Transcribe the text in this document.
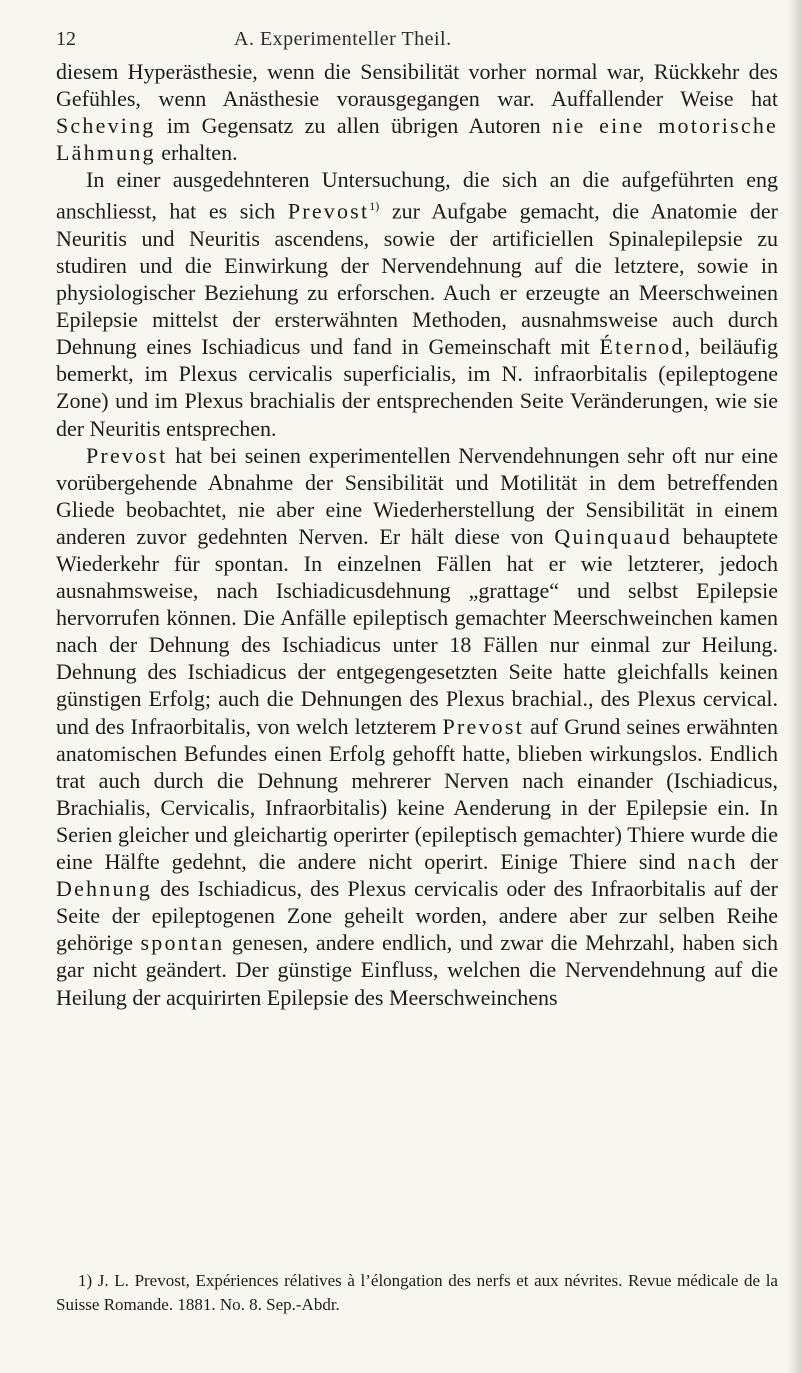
12	A. Experimenteller Theil.

diesem Hyperästhesie, wenn die Sensibilität vorher normal war, Rückkehr des Gefühles, wenn Anästhesie vorausgegangen war. Auffallender Weise hat Scheving im Gegensatz zu allen übrigen Autoren nie eine motorische Lähmung erhalten.

In einer ausgedehnteren Untersuchung, die sich an die aufgeführten eng anschliesst, hat es sich Prevost$^{1)}$ zur Aufgabe gemacht, die Anatomie der Neuritis und Neuritis ascendens, sowie der artificiellen Spinalepilepsie zu studiren und die Einwirkung der Nervendehnung auf die letztere, sowie in physiologischer Beziehung zu erforschen. Auch er erzeugte an Meerschweinen Epilepsie mittelst der ersterwähnten Methoden, ausnahmsweise auch durch Dehnung eines Ischiadicus und fand in Gemeinschaft mit Éternod, beiläufig bemerkt, im Plexus cervicalis superficialis, im N. infraorbitalis (epileptogene Zone) und im Plexus brachialis der entsprechenden Seite Veränderungen, wie sie der Neuritis entsprechen.

Prevost hat bei seinen experimentellen Nervendehnungen sehr oft nur eine vorübergehende Abnahme der Sensibilität und Motilität in dem betreffenden Gliede beobachtet, nie aber eine Wiederherstellung der Sensibilität in einem anderen zuvor gedehnten Nerven. Er hält diese von Quinquaud behauptete Wiederkehr für spontan. In einzelnen Fällen hat er wie letzterer, jedoch ausnahmsweise, nach Ischiadicusdehnung „grattage“ und selbst Epilepsie hervorrufen können. Die Anfälle epileptisch gemachter Meerschweinchen kamen nach der Dehnung des Ischiadicus unter 18 Fällen nur einmal zur Heilung. Dehnung des Ischiadicus der entgegengesetzten Seite hatte gleichfalls keinen günstigen Erfolg; auch die Dehnungen des Plexus brachial., des Plexus cervical. und des Infraorbitalis, von welch letzterem Prevost auf Grund seines erwähnten anatomischen Befundes einen Erfolg gehofft hatte, blieben wirkungslos. Endlich trat auch durch die Dehnung mehrerer Nerven nach einander (Ischiadicus, Brachialis, Cervicalis, Infraorbitalis) keine Aenderung in der Epilepsie ein. In Serien gleicher und gleichartig operirter (epileptisch gemachter) Thiere wurde die eine Hälfte gedehnt, die andere nicht operirt. Einige Thiere sind nach der Dehnung des Ischiadicus, des Plexus cervicalis oder des Infraorbitalis auf der Seite der epileptogenen Zone geheilt worden, andere aber zur selben Reihe gehörige spontan genesen, andere endlich, und zwar die Mehrzahl, haben sich gar nicht geändert. Der günstige Einfluss, welchen die Nervendehnung auf die Heilung der acquirirten Epilepsie des Meerschweinchens

1) J. L. Prevost, Expériences rélatives à l’élongation des nerfs et aux névrites. Revue médicale de la Suisse Romande. 1881. No. 8. Sep.-Abdr.
